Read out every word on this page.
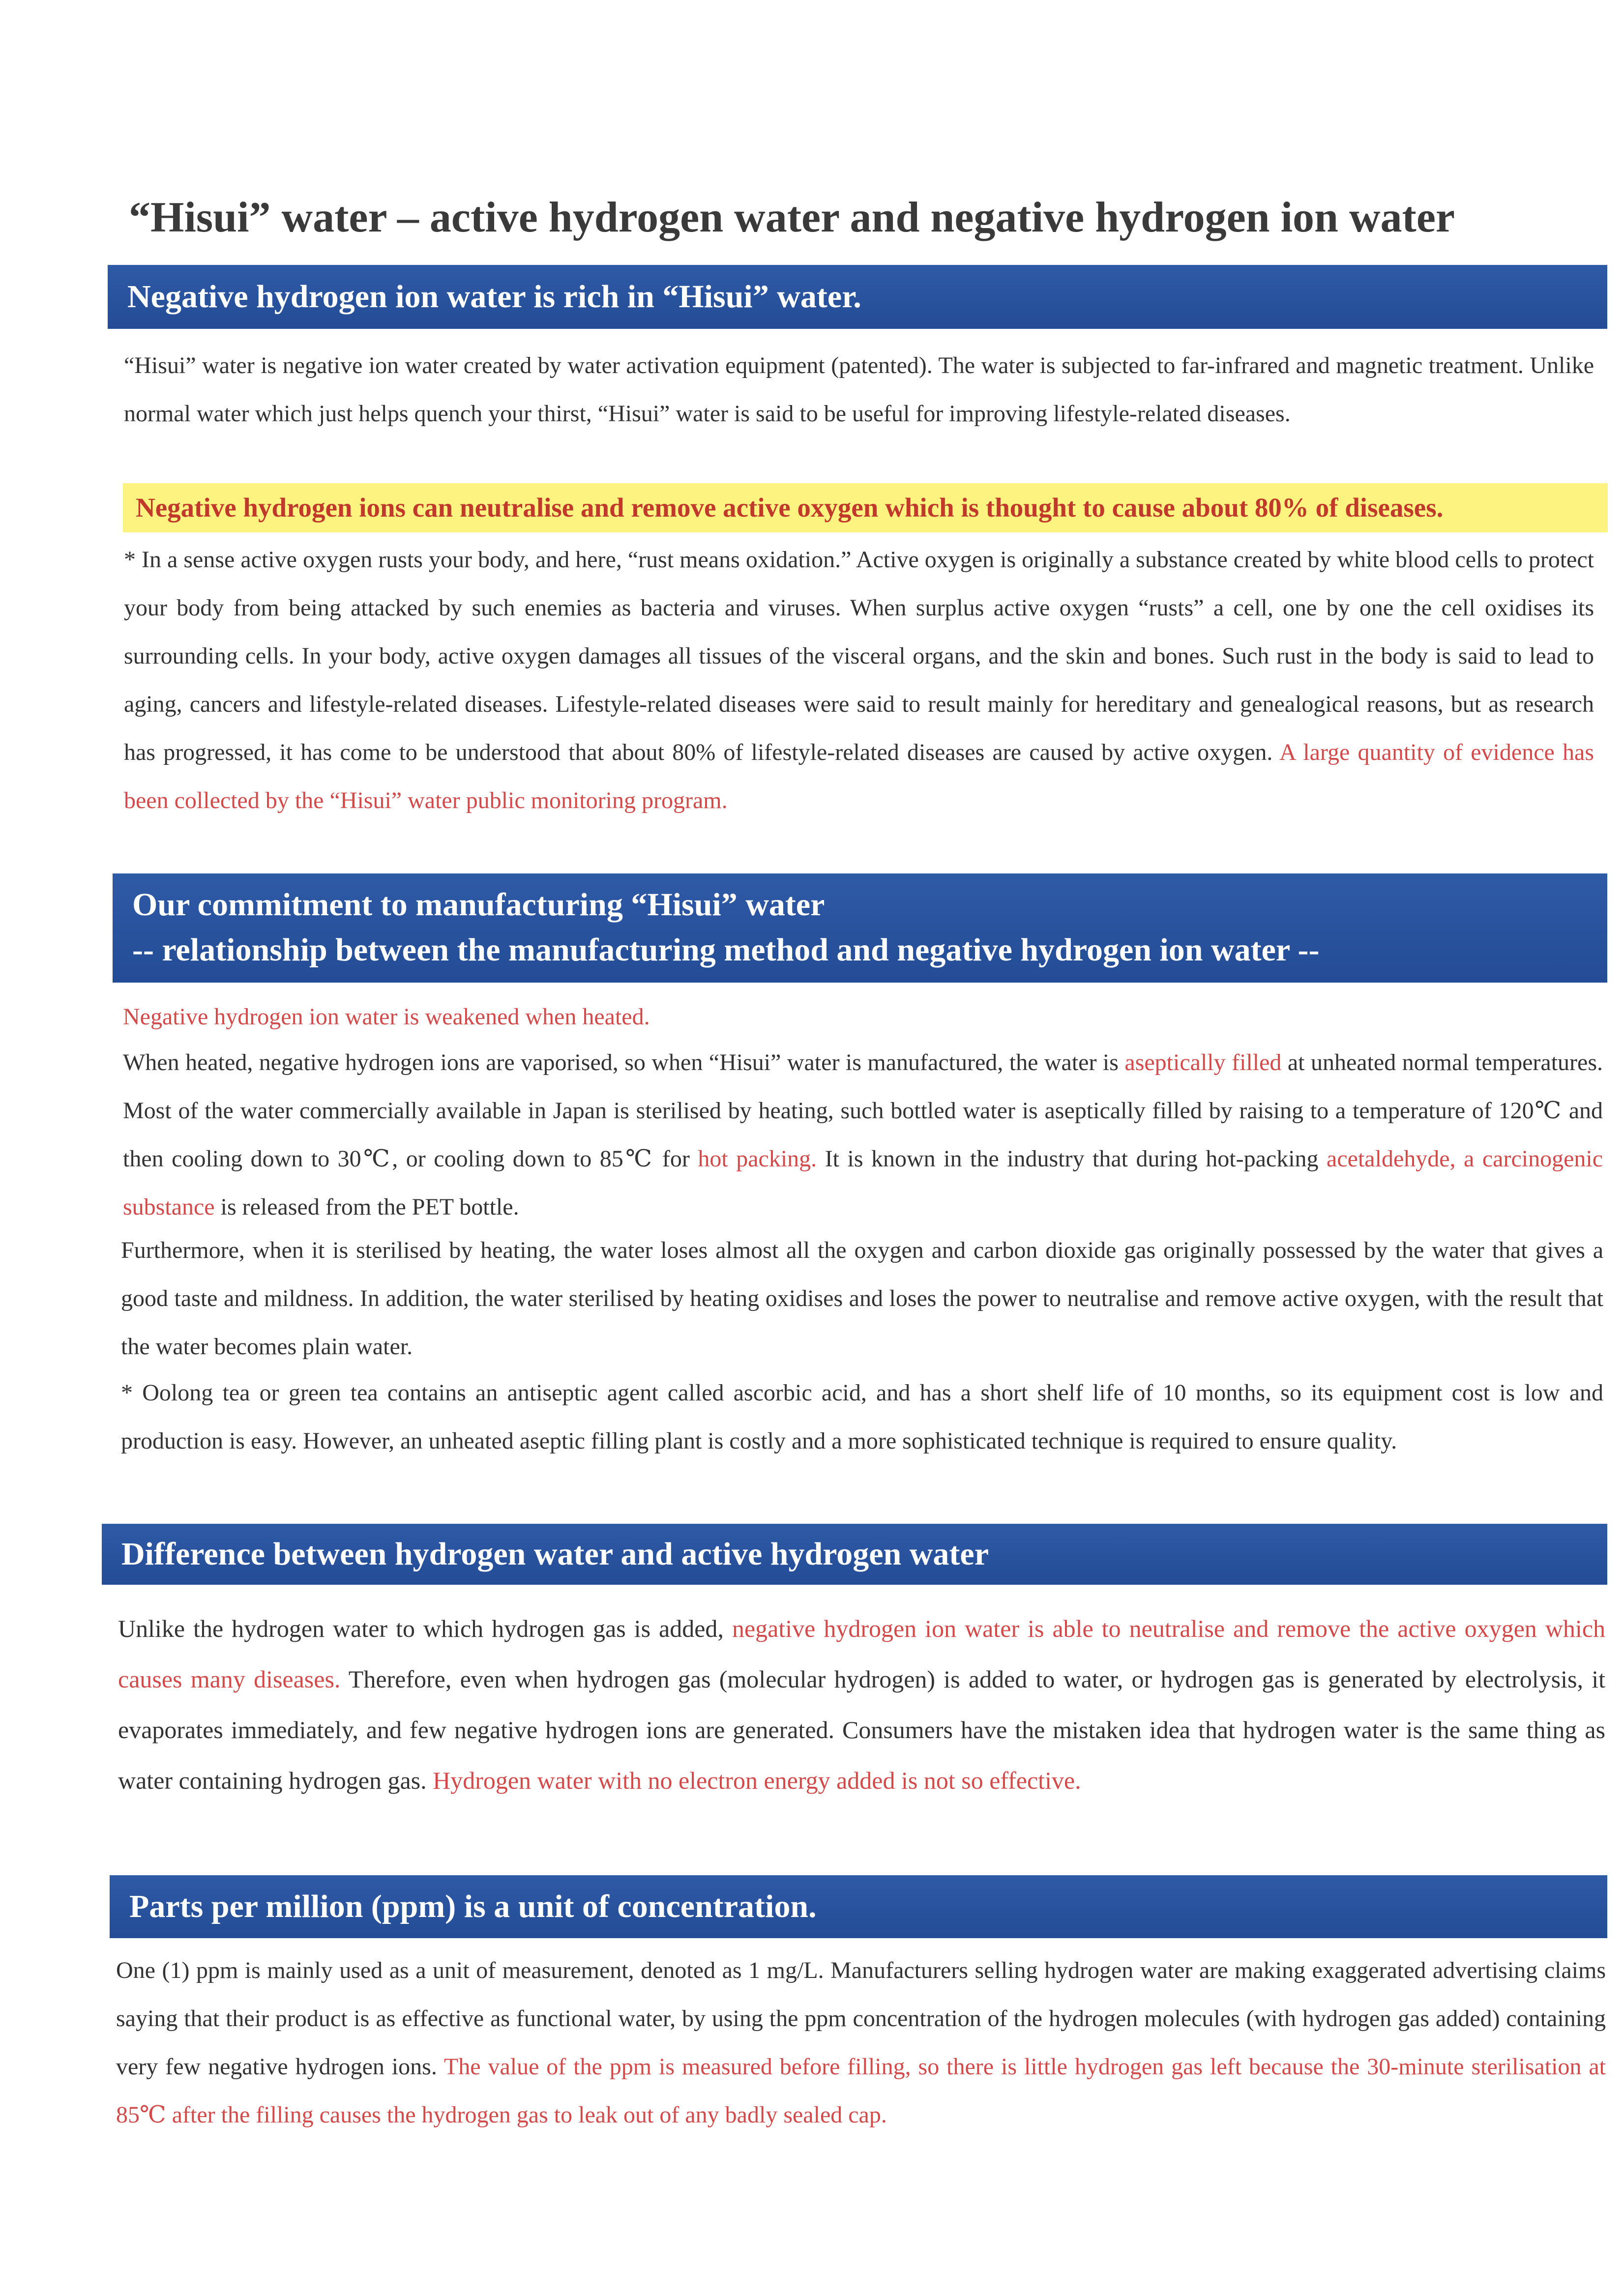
“Hisui” water – active hydrogen water and negative hydrogen ion water
Negative hydrogen ion water is rich in “Hisui” water.
“Hisui” water is negative ion water created by water activation equipment (patented). The water is subjected to far-infrared and magnetic treatment. Unlike normal water which just helps quench your thirst, “Hisui” water is said to be useful for improving lifestyle-related diseases.
Negative hydrogen ions can neutralise and remove active oxygen which is thought to cause about 80% of diseases.
* In a sense active oxygen rusts your body, and here, “rust means oxidation.” Active oxygen is originally a substance created by white blood cells to protect your body from being attacked by such enemies as bacteria and viruses. When surplus active oxygen “rusts” a cell, one by one the cell oxidises its surrounding cells. In your body, active oxygen damages all tissues of the visceral organs, and the skin and bones. Such rust in the body is said to lead to aging, cancers and lifestyle-related diseases. Lifestyle-related diseases were said to result mainly for hereditary and genealogical reasons, but as research has progressed, it has come to be understood that about 80% of lifestyle-related diseases are caused by active oxygen. A large quantity of evidence has been collected by the “Hisui” water public monitoring program.
Our commitment to manufacturing “Hisui” water
-- relationship between the manufacturing method and negative hydrogen ion water --
Negative hydrogen ion water is weakened when heated.
When heated, negative hydrogen ions are vaporised, so when “Hisui” water is manufactured, the water is aseptically filled at unheated normal temperatures. Most of the water commercially available in Japan is sterilised by heating, such bottled water is aseptically filled by raising to a temperature of 120℃ and then cooling down to 30℃, or cooling down to 85℃ for hot packing. It is known in the industry that during hot-packing acetaldehyde, a carcinogenic substance is released from the PET bottle.
Furthermore, when it is sterilised by heating, the water loses almost all the oxygen and carbon dioxide gas originally possessed by the water that gives a good taste and mildness. In addition, the water sterilised by heating oxidises and loses the power to neutralise and remove active oxygen, with the result that the water becomes plain water.
* Oolong tea or green tea contains an antiseptic agent called ascorbic acid, and has a short shelf life of 10 months, so its equipment cost is low and production is easy. However, an unheated aseptic filling plant is costly and a more sophisticated technique is required to ensure quality.
Difference between hydrogen water and active hydrogen water
Unlike the hydrogen water to which hydrogen gas is added, negative hydrogen ion water is able to neutralise and remove the active oxygen which causes many diseases. Therefore, even when hydrogen gas (molecular hydrogen) is added to water, or hydrogen gas is generated by electrolysis, it evaporates immediately, and few negative hydrogen ions are generated. Consumers have the mistaken idea that hydrogen water is the same thing as water containing hydrogen gas. Hydrogen water with no electron energy added is not so effective.
Parts per million (ppm) is a unit of concentration.
One (1) ppm is mainly used as a unit of measurement, denoted as 1 mg/L. Manufacturers selling hydrogen water are making exaggerated advertising claims saying that their product is as effective as functional water, by using the ppm concentration of the hydrogen molecules (with hydrogen gas added) containing very few negative hydrogen ions. The value of the ppm is measured before filling, so there is little hydrogen gas left because the 30-minute sterilisation at 85℃ after the filling causes the hydrogen gas to leak out of any badly sealed cap.
